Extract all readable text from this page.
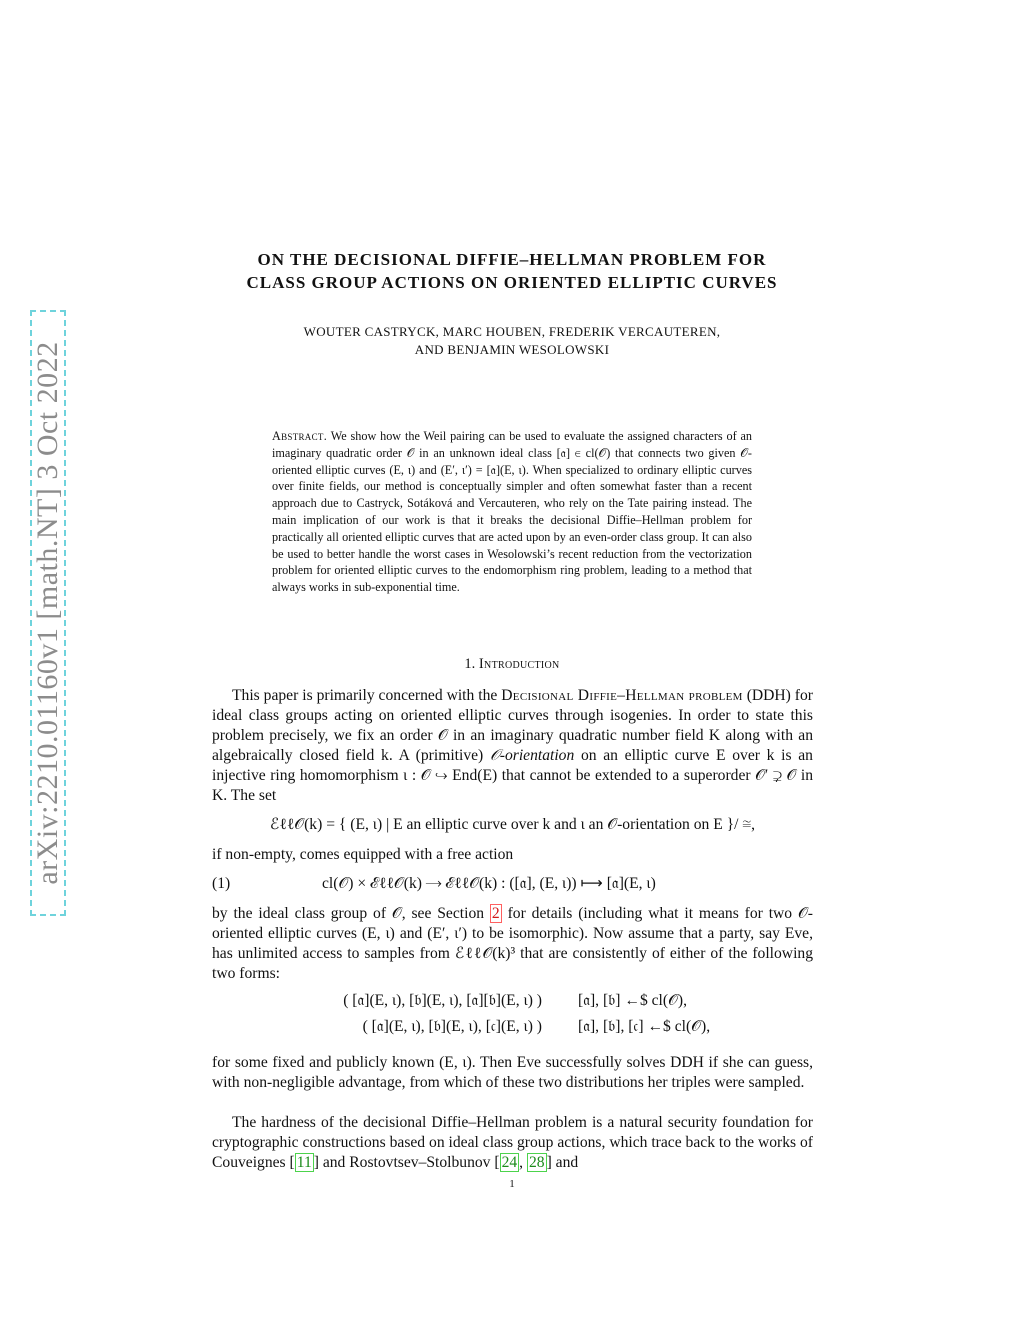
arXiv:2210.01160v1 [math.NT] 3 Oct 2022
ON THE DECISIONAL DIFFIE–HELLMAN PROBLEM FOR
CLASS GROUP ACTIONS ON ORIENTED ELLIPTIC CURVES
WOUTER CASTRYCK, MARC HOUBEN, FREDERIK VERCAUTEREN,
AND BENJAMIN WESOLOWSKI
Abstract. We show how the Weil pairing can be used to evaluate the assigned characters of an imaginary quadratic order 𝒪 in an unknown ideal class [𝔞] ∈ cl(𝒪) that connects two given 𝒪-oriented elliptic curves (E, ι) and (E′, ι′) = [𝔞](E, ι). When specialized to ordinary elliptic curves over finite fields, our method is conceptually simpler and often somewhat faster than a recent approach due to Castryck, Sotáková and Vercauteren, who rely on the Tate pairing instead. The main implication of our work is that it breaks the decisional Diffie–Hellman problem for practically all oriented elliptic curves that are acted upon by an even-order class group. It can also be used to better handle the worst cases in Wesolowski’s recent reduction from the vectorization problem for oriented elliptic curves to the endomorphism ring problem, leading to a method that always works in sub-exponential time.
1. Introduction

This paper is primarily concerned with the Decisional Diffie–Hellman problem (DDH) for ideal class groups acting on oriented elliptic curves through isogenies. In order to state this problem precisely, we fix an order 𝒪 in an imaginary quadratic number field K along with an algebraically closed field k. A (primitive) 𝒪-orientation on an elliptic curve E over k is an injective ring homomorphism ι : 𝒪 ↪ End(E) that cannot be extended to a superorder 𝒪′ ⊋ 𝒪 in K. The set

ℰℓℓ𝒪(k) = { (E, ι) | E an elliptic curve over k and ι an 𝒪-orientation on E }/ ≅,

if non-empty, comes equipped with a free action

(1)	cl(𝒪) × ℰℓℓ𝒪(k) ⟶ ℰℓℓ𝒪(k) : ([𝔞], (E, ι)) ⟼ [𝔞](E, ι)

by the ideal class group of 𝒪, see Section 2 for details (including what it means for two 𝒪-oriented elliptic curves (E, ι) and (E′, ι′) to be isomorphic). Now assume that a party, say Eve, has unlimited access to samples from ℰℓℓ𝒪(k)³ that are consistently of either of the following two forms:

( [𝔞](E, ι), [𝔟](E, ι), [𝔞][𝔟](E, ι) ) [𝔞], [𝔟] ←$ cl(𝒪),
( [𝔞](E, ι), [𝔟](E, ι), [𝔠](E, ι) ) [𝔞], [𝔟], [𝔠] ←$ cl(𝒪),

for some fixed and publicly known (E, ι). Then Eve successfully solves DDH if she can guess, with non-negligible advantage, from which of these two distributions her triples were sampled.

The hardness of the decisional Diffie–Hellman problem is a natural security foundation for cryptographic constructions based on ideal class group actions, which trace back to the works of Couveignes [ 11 ] and Rostovtsev–Stolbunov [ 24 , 28 ] and

1
